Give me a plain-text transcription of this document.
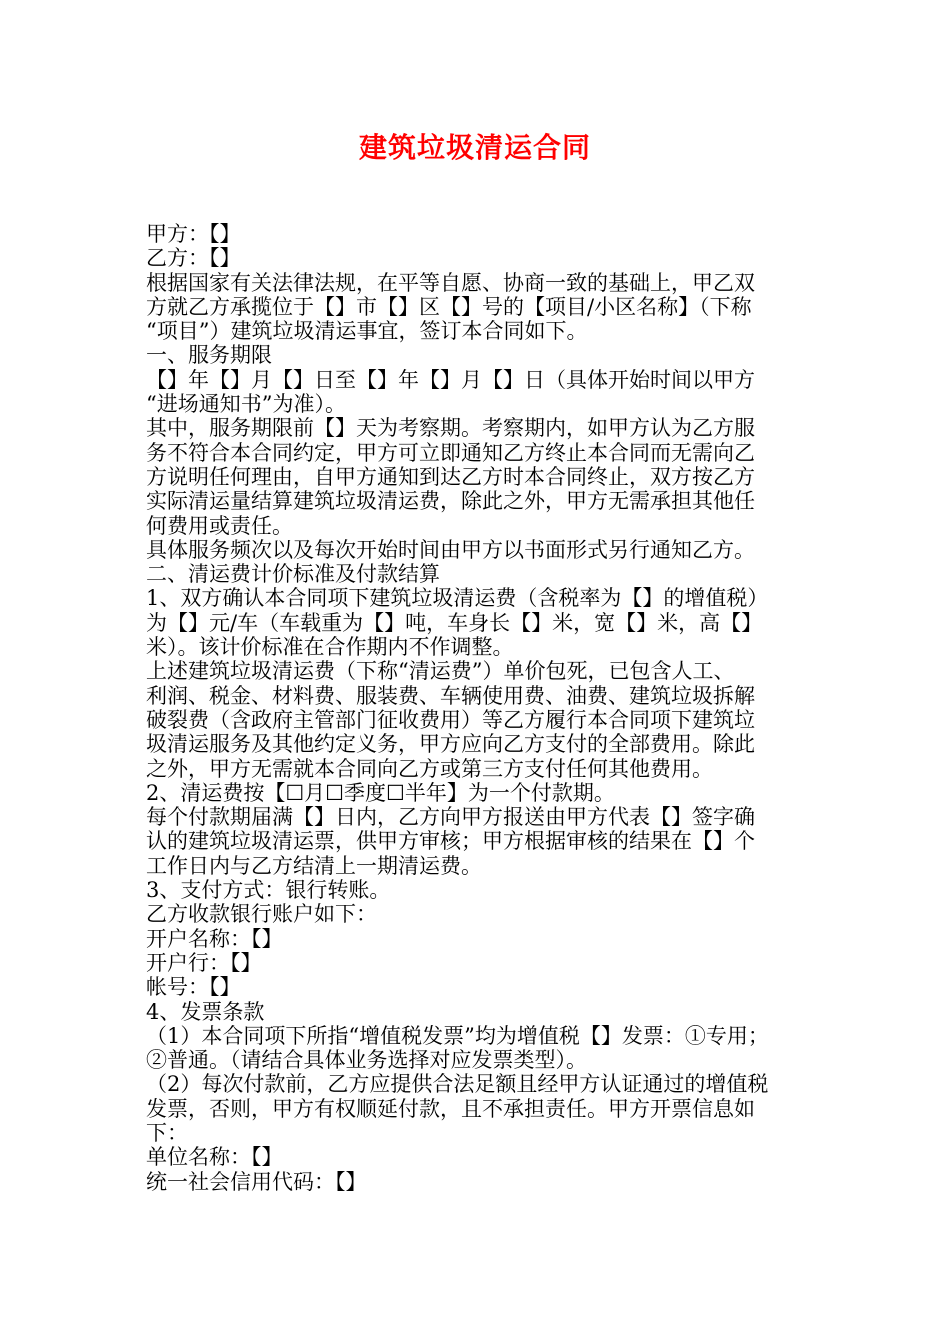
建筑垃圾清运合同
甲方：【】
乙方：【】
根据国家有关法律法规，在平等自愿、协商一致的基础上，甲乙双
方就乙方承揽位于【】市【】区【】号的【项目/小区名称】（下称
“项目”）建筑垃圾清运事宜，签订本合同如下。
一、服务期限
【】年【】月【】日至【】年【】月【】日（具体开始时间以甲方
“进场通知书”为准）。
其中，服务期限前【】天为考察期。考察期内，如甲方认为乙方服
务不符合本合同约定，甲方可立即通知乙方终止本合同而无需向乙
方说明任何理由，自甲方通知到达乙方时本合同终止，双方按乙方
实际清运量结算建筑垃圾清运费，除此之外，甲方无需承担其他任
何费用或责任。
具体服务频次以及每次开始时间由甲方以书面形式另行通知乙方。
二、清运费计价标准及付款结算
1、双方确认本合同项下建筑垃圾清运费（含税率为【】的增值税）
为【】元/车（车载重为【】吨，车身长【】米，宽【】米，高【】
米）。该计价标准在合作期内不作调整。
上述建筑垃圾清运费（下称“清运费”）单价包死，已包含人工、
利润、税金、材料费、服装费、车辆使用费、油费、建筑垃圾拆解
破裂费（含政府主管部门征收费用）等乙方履行本合同项下建筑垃
圾清运服务及其他约定义务，甲方应向乙方支付的全部费用。除此
之外，甲方无需就本合同向乙方或第三方支付任何其他费用。
2、清运费按【☐月☐季度☐半年】为一个付款期。
每个付款期届满【】日内，乙方向甲方报送由甲方代表【】签字确
认的建筑垃圾清运票，供甲方审核；甲方根据审核的结果在【】个
工作日内与乙方结清上一期清运费。
3、支付方式：银行转账。
乙方收款银行账户如下：
开户名称：【】
开户行：【】
帐号：【】
4、发票条款
（1）本合同项下所指“增值税发票”均为增值税【】发票：①专用；
②普通。（请结合具体业务选择对应发票类型）。
（2）每次付款前，乙方应提供合法足额且经甲方认证通过的增值税
发票，否则，甲方有权顺延付款，且不承担责任。甲方开票信息如
下：
单位名称：【】
统一社会信用代码：【】
